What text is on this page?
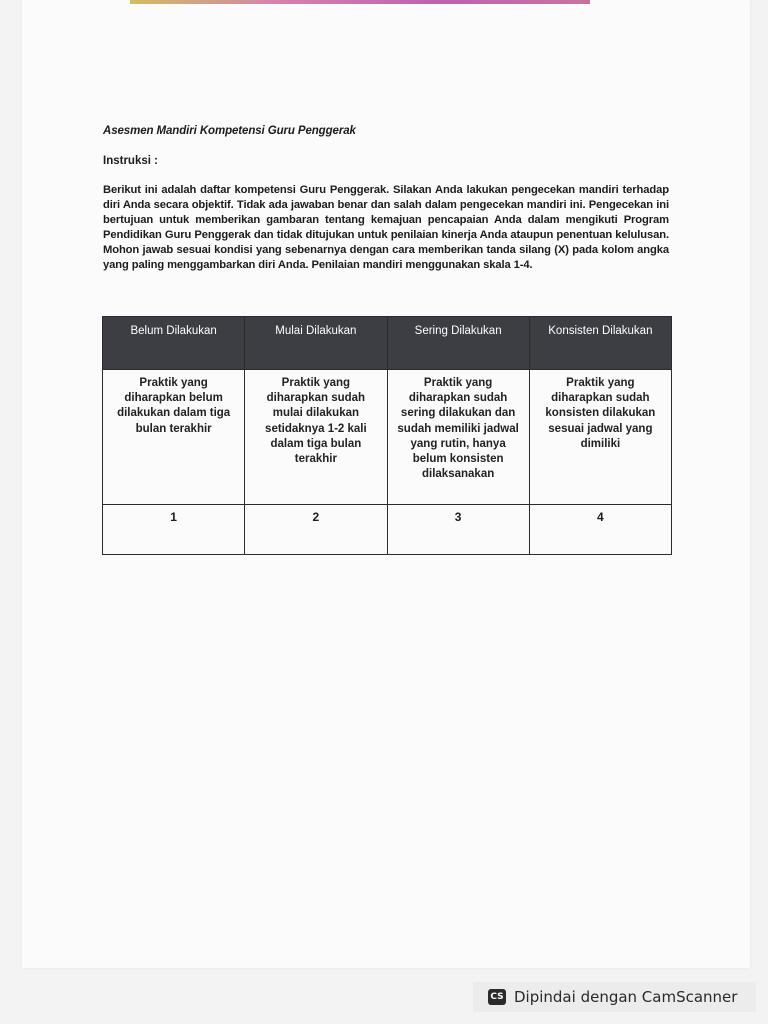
Asesmen Mandiri Kompetensi Guru Penggerak
Instruksi :
Berikut ini adalah daftar kompetensi Guru Penggerak. Silakan Anda lakukan pengecekan mandiri terhadap diri Anda secara objektif. Tidak ada jawaban benar dan salah dalam pengecekan mandiri ini. Pengecekan ini bertujuan untuk memberikan gambaran tentang kemajuan pencapaian Anda dalam mengikuti Program Pendidikan Guru Penggerak dan tidak ditujukan untuk penilaian kinerja Anda ataupun penentuan kelulusan. Mohon jawab sesuai kondisi yang sebenarnya dengan cara memberikan tanda silang (X) pada kolom angka yang paling menggambarkan diri Anda. Penilaian mandiri menggunakan skala 1-4.
Belum Dilakukan	Mulai Dilakukan	Sering Dilakukan	Konsisten Dilakukan
Praktik yang diharapkan belum dilakukan dalam tiga bulan terakhir	Praktik yang diharapkan sudah mulai dilakukan setidaknya 1-2 kali dalam tiga bulan terakhir	Praktik yang diharapkan sudah sering dilakukan dan sudah memiliki jadwal yang rutin, hanya belum konsisten dilaksanakan	Praktik yang diharapkan sudah konsisten dilakukan sesuai jadwal yang dimiliki
1	2	3	4
CS Dipindai dengan CamScanner
